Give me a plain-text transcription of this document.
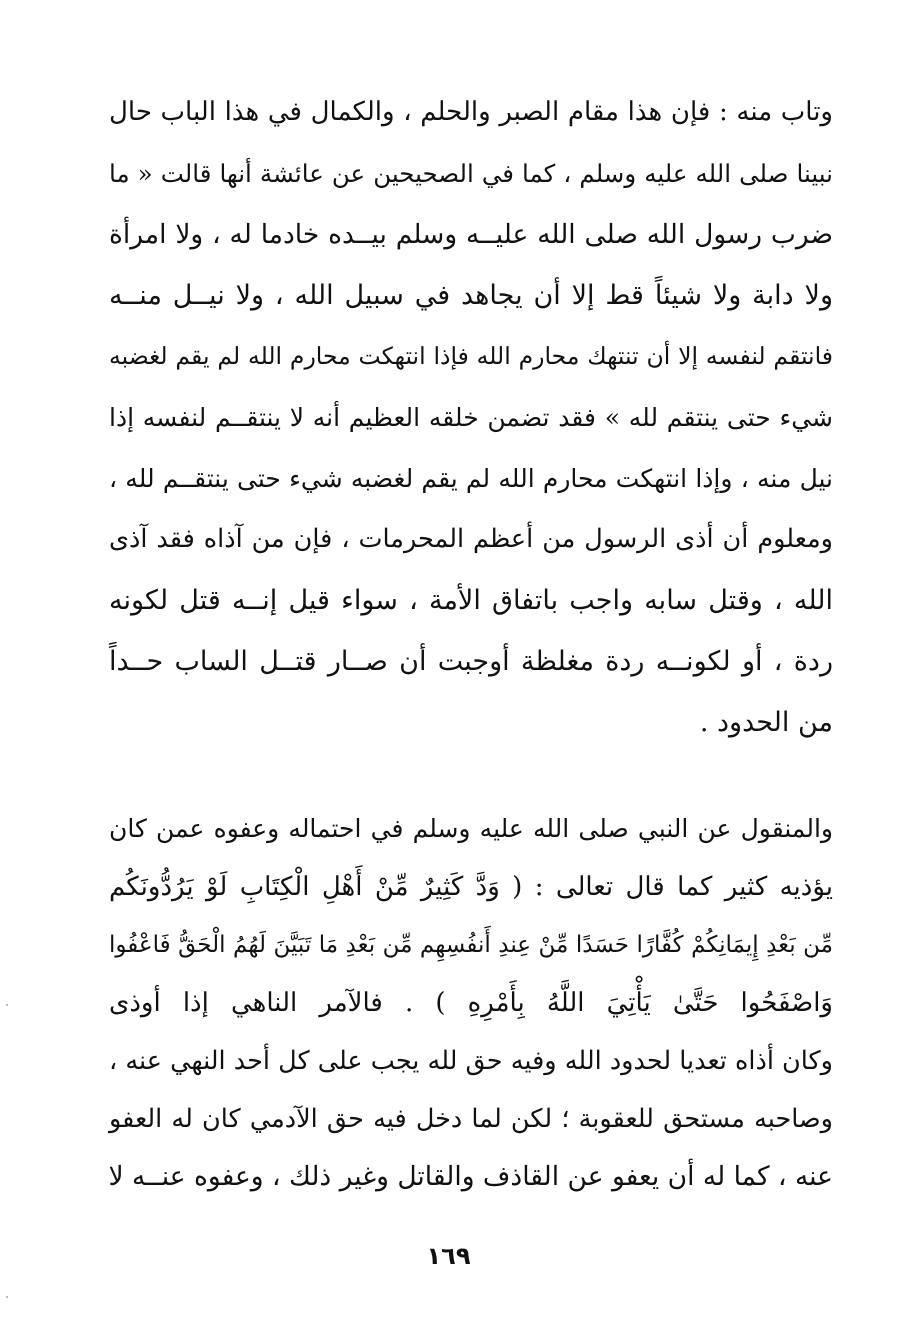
وتاب منه : فإن هذا مقام الصبر والحلم ، والكمال في هذا الباب حال
نبينا صلى الله عليه وسلم ، كما في الصحيحين عن عائشة أنها قالت « ما
ضرب رسول الله صلى الله عليــه وسلم بيــده خادما له ، ولا امرأة
ولا دابة ولا شيئاً قط إلا أن يجاهد في سبيل الله ، ولا نيــل منــه
فانتقم لنفسه إلا أن تنتهك محارم الله فإذا انتهكت محارم الله لم يقم لغضبه
شيء حتى ينتقم لله » فقد تضمن خلقه العظيم أنه لا ينتقــم لنفسه إذا
نيل منه ، وإذا انتهكت محارم الله لم يقم لغضبه شيء حتى ينتقــم لله ،
ومعلوم أن أذى الرسول من أعظم المحرمات ، فإن من آذاه فقد آذى
الله ، وقتل سابه واجب باتفاق الأمة ، سواء قيل إنــه قتل لكونه
ردة ، أو لكونــه ردة مغلظة أوجبت أن صــار قتــل الساب حــداً
من الحدود .
والمنقول عن النبي صلى الله عليه وسلم في احتماله وعفوه عمن كان
يؤذيه كثير كما قال تعالى : ( وَدَّ كَثِيرٌ مِّنْ أَهْلِ الْكِتَابِ لَوْ يَرُدُّونَكُم
مِّن بَعْدِ إِيمَانِكُمْ كُفَّارًا حَسَدًا مِّنْ عِندِ أَنفُسِهِم مِّن بَعْدِ مَا تَبَيَّنَ لَهُمُ الْحَقُّ فَاعْفُوا
وَاصْفَحُوا حَتَّىٰ يَأْتِيَ اللَّهُ بِأَمْرِهِ ) . فالآمر الناهي إذا أوذى
وكان أذاه تعديا لحدود الله وفيه حق لله يجب على كل أحد النهي عنه ،
وصاحبه مستحق للعقوبة ؛ لكن لما دخل فيه حق الآدمي كان له العفو
عنه ، كما له أن يعفو عن القاذف والقاتل وغير ذلك ، وعفوه عنــه لا
١٦٩
